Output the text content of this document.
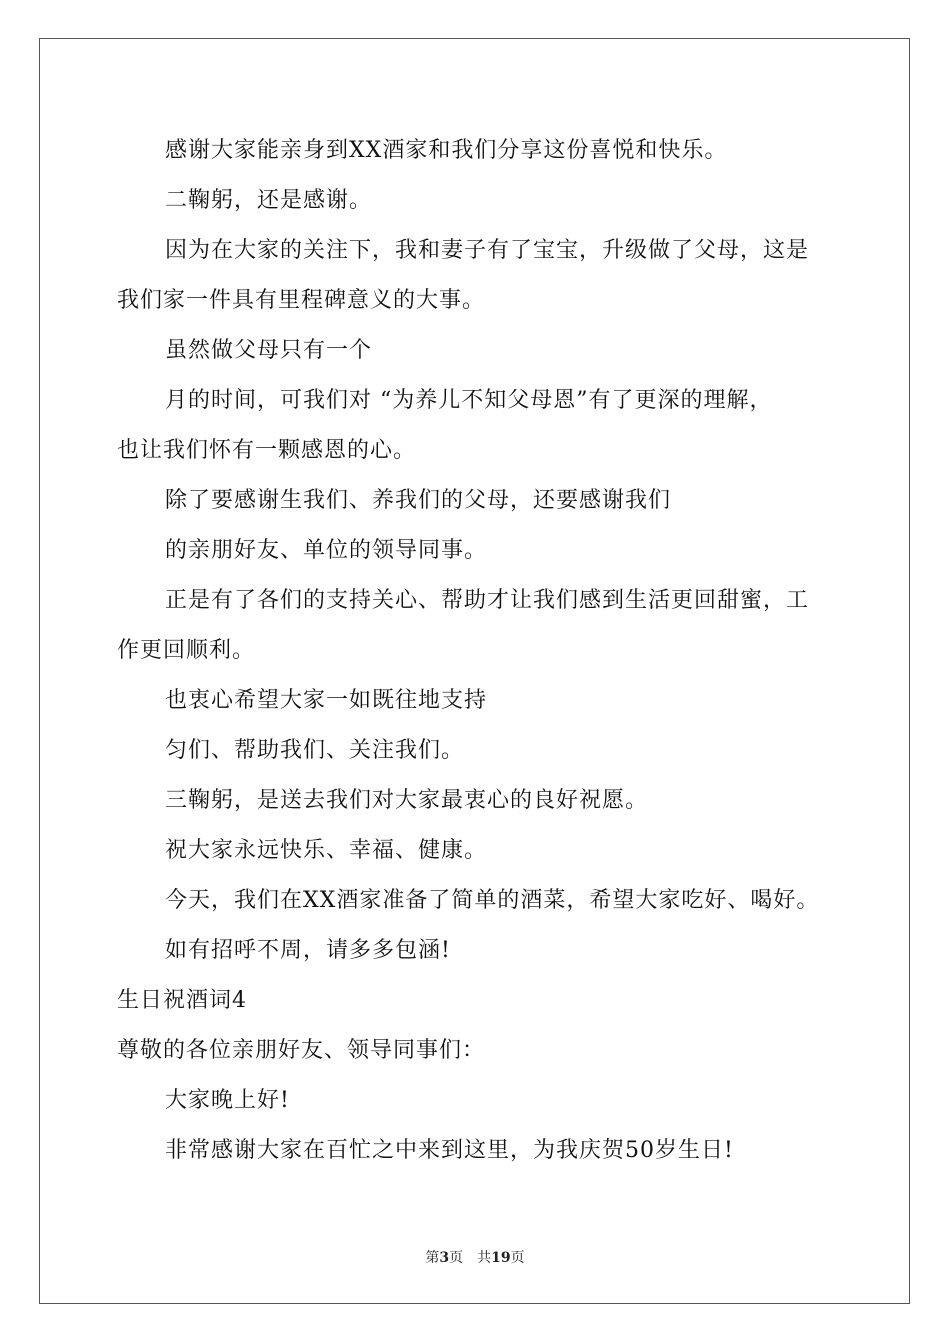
感谢大家能亲身到XX酒家和我们分享这份喜悦和快乐。
二鞠躬，还是感谢。
因为在大家的关注下，我和妻子有了宝宝，升级做了父母，这是
我们家一件具有里程碑意义的大事。
虽然做父母只有一个
月的时间，可我们对 “为养儿不知父母恩”有了更深的理解，
也让我们怀有一颗感恩的心。
除了要感谢生我们、养我们的父母，还要感谢我们
的亲朋好友、单位的领导同事。
正是有了各们的支持关心、帮助才让我们感到生活更回甜蜜，工
作更回顺利。
也衷心希望大家一如既往地支持
匀们、帮助我们、关注我们。
三鞠躬，是送去我们对大家最衷心的良好祝愿。
祝大家永远快乐、幸福、健康。
今天，我们在XX酒家准备了简单的酒菜，希望大家吃好、喝好。
如有招呼不周，请多多包涵!
生日祝酒词4
尊敬的各位亲朋好友、领导同事们：
大家晚上好!
非常感谢大家在百忙之中来到这里，为我庆贺50岁生日!
第3页　共19页
